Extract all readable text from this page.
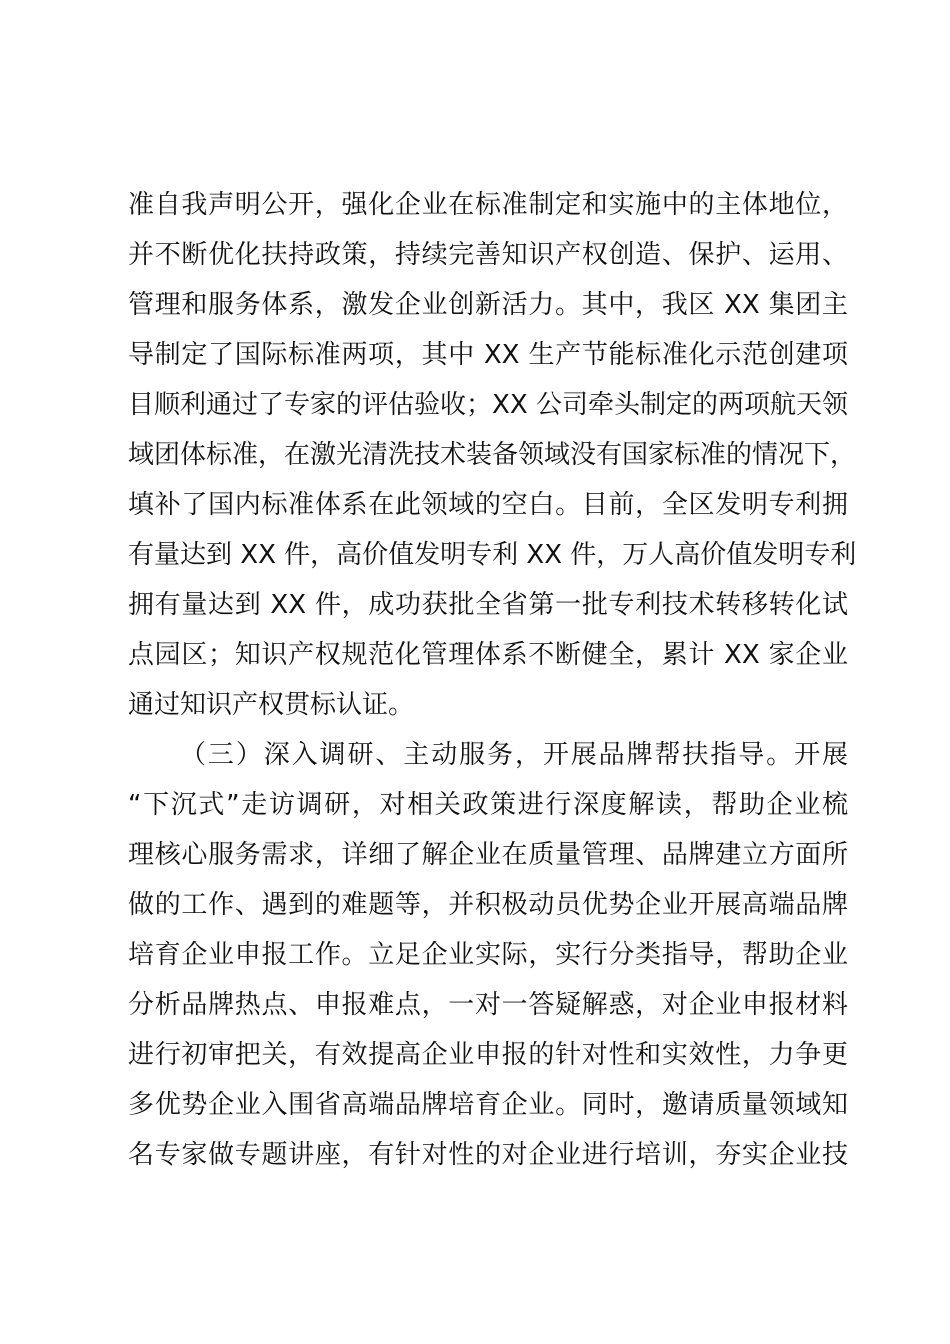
准自我声明公开，强化企业在标准制定和实施中的主体地位，
并不断优化扶持政策，持续完善知识产权创造、保护、运用、
管理和服务体系，激发企业创新活力。其中，我区 XX 集团主
导制定了国际标准两项，其中 XX 生产节能标准化示范创建项
目顺利通过了专家的评估验收；XX 公司牵头制定的两项航天领
域团体标准，在激光清洗技术装备领域没有国家标准的情况下，
填补了国内标准体系在此领域的空白。目前，全区发明专利拥
有量达到 XX 件，高价值发明专利 XX 件，万人高价值发明专利
拥有量达到 XX 件，成功获批全省第一批专利技术转移转化试
点园区；知识产权规范化管理体系不断健全，累计 XX 家企业
通过知识产权贯标认证。
（三）深入调研、主动服务，开展品牌帮扶指导。开展
“下沉式”走访调研，对相关政策进行深度解读，帮助企业梳
理核心服务需求，详细了解企业在质量管理、品牌建立方面所
做的工作、遇到的难题等，并积极动员优势企业开展高端品牌
培育企业申报工作。立足企业实际，实行分类指导，帮助企业
分析品牌热点、申报难点，一对一答疑解惑，对企业申报材料
进行初审把关，有效提高企业申报的针对性和实效性，力争更
多优势企业入围省高端品牌培育企业。同时，邀请质量领域知
名专家做专题讲座，有针对性的对企业进行培训，夯实企业技
